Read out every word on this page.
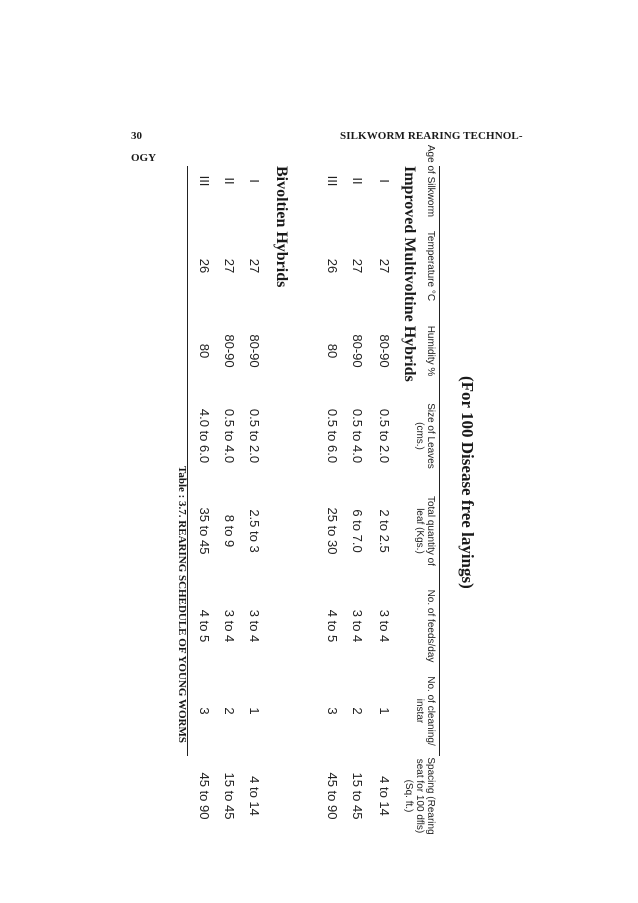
30	SILKWORM REARING TECHNOL-
OGY
(For 100 Disease free layings)
Age of Silkworm
Temperature °C
Humidity %
Size of Leaves (cms.)
Total quantity of leaf (Kgs.)
No. of feeds/day
No. of cleaning/ instar
Spacing (Rearing seat for 100 dfls) (Sq. ft.)
Improved Multivoltine Hybrids
I
27
80-90
0.5 to 2.0
2 to 2.5
3 to 4
1
4 to 14
II
27
80-90
0.5 to 4.0
6 to 7.0
3 to 4
2
15 to 45
III
26
80
0.5 to 6.0
25 to 30
4 to 5
3
45 to 90
Bivoltien Hybrids
I
27
80-90
0.5 to 2.0
2.5 to 3
3 to 4
1
4 to 14
II
27
80-90
0.5 to 4.0
8 to 9
3 to 4
2
15 to 45
III
26
80
4.0 to 6.0
35 to 45
4 to 5
3
45 to 90
Table : 3.7. REARING SCHEDULE OF YOUNG WORMS
